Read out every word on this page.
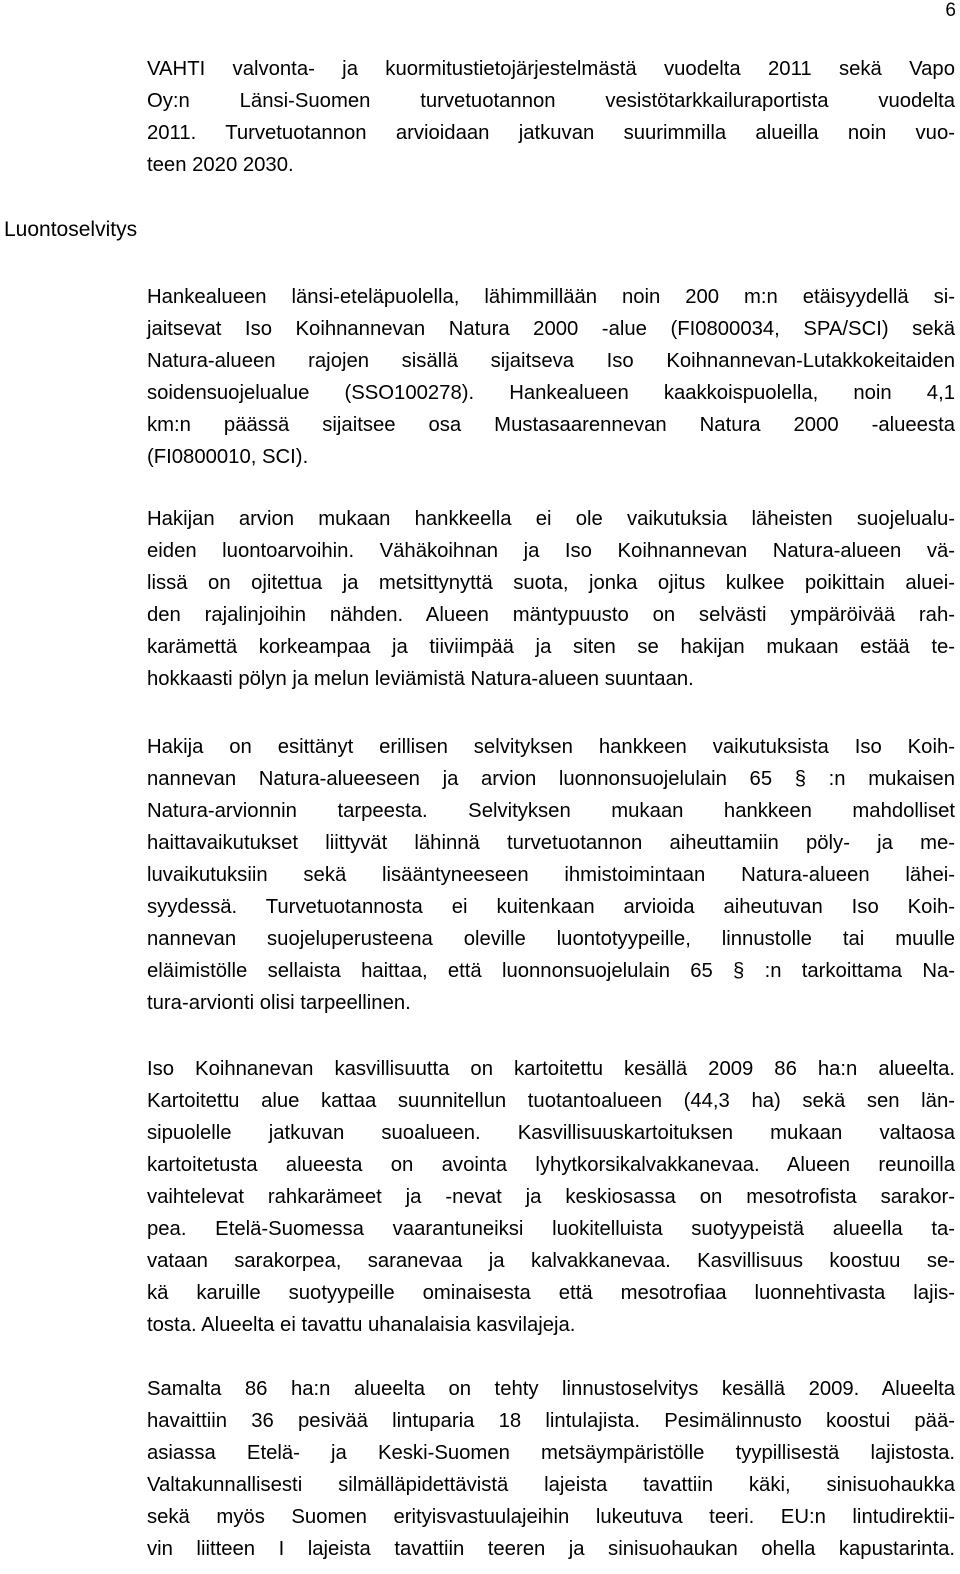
6
Luontoselvitys
VAHTI valvonta- ja kuormitustietojärjestelmästä vuodelta 2011 sekä Vapo
Oy:n Länsi-Suomen turvetuotannon vesistötarkkailuraportista vuodelta
2011. Turvetuotannon arvioidaan jatkuvan suurimmilla alueilla noin vuo-
teen 2020 2030.
Hankealueen länsi-eteläpuolella, lähimmillään noin 200 m:n etäisyydellä si-
jaitsevat Iso Koihnannevan Natura 2000 -alue (FI0800034, SPA/SCI) sekä
Natura-alueen rajojen sisällä sijaitseva Iso Koihnannevan-Lutakkokeitaiden
soidensuojelualue (SSO100278). Hankealueen kaakkoispuolella, noin 4,1
km:n päässä sijaitsee osa Mustasaarennevan Natura 2000 -alueesta
(FI0800010, SCI).
Hakijan arvion mukaan hankkeella ei ole vaikutuksia läheisten suojelualu-
eiden luontoarvoihin. Vähäkoihnan ja Iso Koihnannevan Natura-alueen vä-
lissä on ojitettua ja metsittynyttä suota, jonka ojitus kulkee poikittain aluei-
den rajalinjoihin nähden. Alueen mäntypuusto on selvästi ympäröivää rah-
karämettä korkeampaa ja tiiviimpää ja siten se hakijan mukaan estää te-
hokkaasti pölyn ja melun leviämistä Natura-alueen suuntaan.
Hakija on esittänyt erillisen selvityksen hankkeen vaikutuksista Iso Koih-
nannevan Natura-alueeseen ja arvion luonnonsuojelulain 65 § :n mukaisen
Natura-arvionnin tarpeesta. Selvityksen mukaan hankkeen mahdolliset
haittavaikutukset liittyvät lähinnä turvetuotannon aiheuttamiin pöly- ja me-
luvaikutuksiin sekä lisääntyneeseen ihmistoimintaan Natura-alueen lähei-
syydessä. Turvetuotannosta ei kuitenkaan arvioida aiheutuvan Iso Koih-
nannevan suojeluperusteena oleville luontotyypeille, linnustolle tai muulle
eläimistölle sellaista haittaa, että luonnonsuojelulain 65 § :n tarkoittama Na-
tura-arvionti olisi tarpeellinen.
Iso Koihnanevan kasvillisuutta on kartoitettu kesällä 2009 86 ha:n alueelta.
Kartoitettu alue kattaa suunnitellun tuotantoalueen (44,3 ha) sekä sen län-
sipuolelle jatkuvan suoalueen. Kasvillisuuskartoituksen mukaan valtaosa
kartoitetusta alueesta on avointa lyhytkorsikalvakkanevaa. Alueen reunoilla
vaihtelevat rahkarämeet ja -nevat ja keskiosassa on mesotrofista sarakor-
pea. Etelä-Suomessa vaarantuneiksi luokitelluista suotyypeistä alueella ta-
vataan sarakorpea, saranevaa ja kalvakkanevaa. Kasvillisuus koostuu se-
kä karuille suotyypeille ominaisesta että mesotrofiaa luonnehtivasta lajis-
tosta. Alueelta ei tavattu uhanalaisia kasvilajeja.
Samalta 86 ha:n alueelta on tehty linnustoselvitys kesällä 2009. Alueelta
havaittiin 36 pesivää lintuparia 18 lintulajista. Pesimälinnusto koostui pää-
asiassa Etelä- ja Keski-Suomen metsäympäristölle tyypillisestä lajistosta.
Valtakunnallisesti silmälläpidettävistä lajeista tavattiin käki, sinisuohaukka
sekä myös Suomen erityisvastuulajeihin lukeutuva teeri. EU:n lintudirektii-
vin liitteen I lajeista tavattiin teeren ja sinisuohaukan ohella kapustarinta.
